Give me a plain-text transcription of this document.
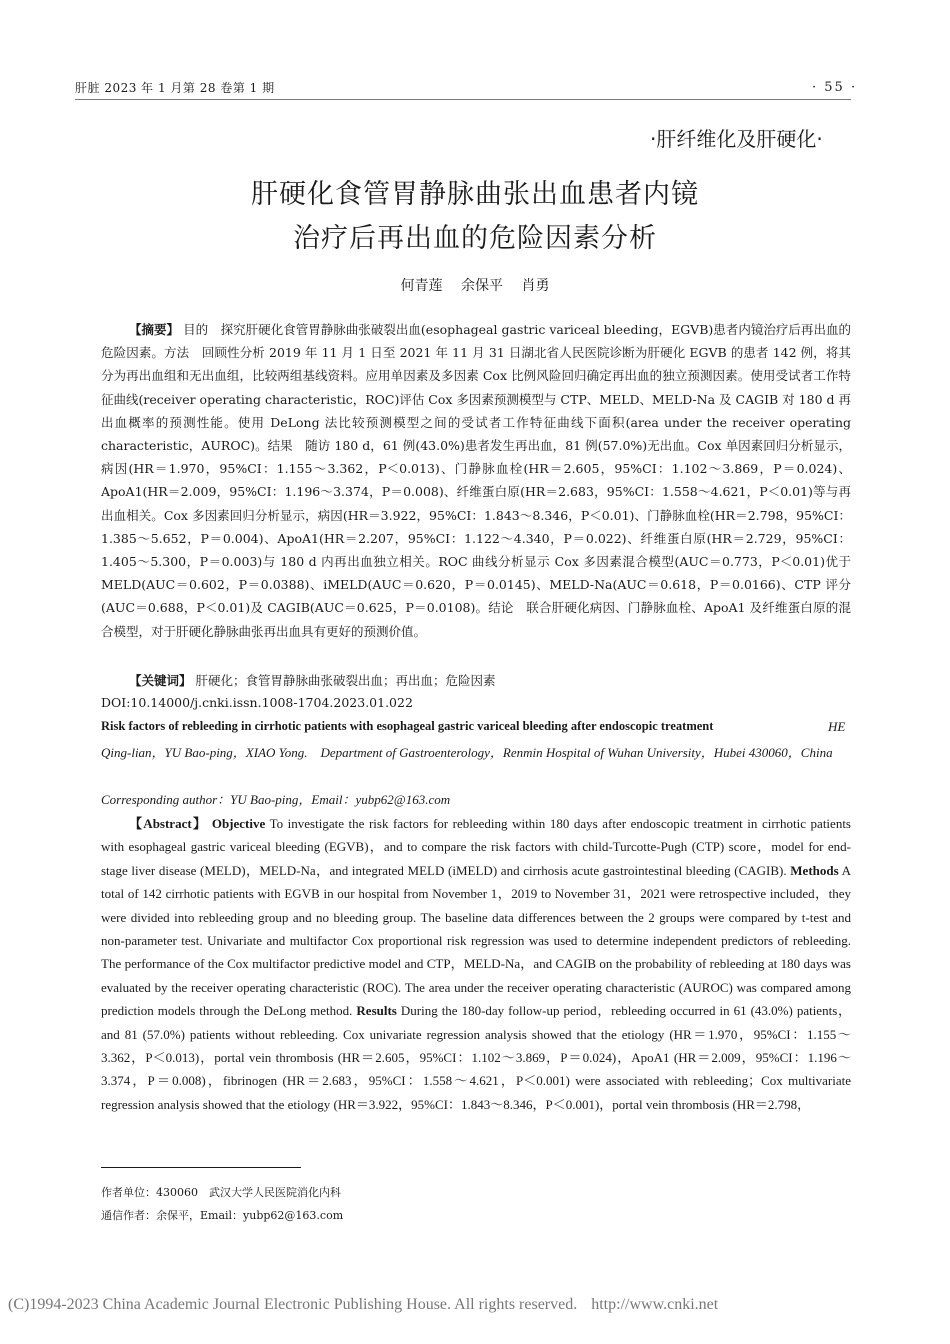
肝脏 2023 年 1 月第 28 卷第 1 期	· 55 ·
·肝纤维化及肝硬化·
肝硬化食管胃静脉曲张出血患者内镜
治疗后再出血的危险因素分析
何青莲 余保平 肖勇

【摘要】 目的　探究肝硬化食管胃静脉曲张破裂出血(esophageal gastric variceal bleeding，EGVB)患者内镜治疗后再出血的危险因素。方法　回顾性分析 2019 年 11 月 1 日至 2021 年 11 月 31 日湖北省人民医院诊断为肝硬化 EGVB 的患者 142 例，将其分为再出血组和无出血组，比较两组基线资料。应用单因素及多因素 Cox 比例风险回归确定再出血的独立预测因素。使用受试者工作特征曲线(receiver operating characteristic，ROC)评估 Cox 多因素预测模型与 CTP、MELD、MELD-Na 及 CAGIB 对 180 d 再出血概率的预测性能。使用 DeLong 法比较预测模型之间的受试者工作特征曲线下面积(area under the receiver operating characteristic，AUROC)。结果　随访 180 d，61 例(43.0%)患者发生再出血，81 例(57.0%)无出血。Cox 单因素回归分析显示，病因(HR＝1.970，95%CI：1.155～3.362，P＜0.013)、门静脉血栓(HR＝2.605，95%CI：1.102～3.869，P＝0.024)、ApoA1(HR＝2.009，95%CI：1.196～3.374，P＝0.008)、纤维蛋白原(HR＝2.683，95%CI：1.558～4.621，P＜0.01)等与再出血相关。Cox 多因素回归分析显示，病因(HR＝3.922，95%CI：1.843～8.346，P＜0.01)、门静脉血栓(HR＝2.798，95%CI：1.385～5.652，P＝0.004)、ApoA1(HR＝2.207，95%CI：1.122～4.340，P＝0.022)、纤维蛋白原(HR＝2.729，95%CI：1.405～5.300，P＝0.003)与 180 d 内再出血独立相关。ROC 曲线分析显示 Cox 多因素混合模型(AUC＝0.773，P＜0.01)优于 MELD(AUC＝0.602，P＝0.0388)、iMELD(AUC＝0.620，P＝0.0145)、MELD-Na(AUC＝0.618，P＝0.0166)、CTP 评分(AUC＝0.688，P＜0.01)及 CAGIB(AUC＝0.625，P＝0.0108)。结论　联合肝硬化病因、门静脉血栓、ApoA1 及纤维蛋白原的混合模型，对于肝硬化静脉曲张再出血具有更好的预测价值。

【关键词】 肝硬化；食管胃静脉曲张破裂出血；再出血；危险因素
DOI:10.14000/j.cnki.issn.1008-1704.2023.01.022
Risk factors of rebleeding in cirrhotic patients with esophageal gastric variceal bleeding after endoscopic treatment	HE
Qing-lian，YU Bao-ping，XIAO Yong.　Department of Gastroenterology，Renmin Hospital of Wuhan University，Hubei 430060，China
Corresponding author：YU Bao-ping，Email：yubp62@163.com

【Abstract】 Objective To investigate the risk factors for rebleeding within 180 days after endoscopic treatment in cirrhotic patients with esophageal gastric variceal bleeding (EGVB)，and to compare the risk factors with child-Turcotte-Pugh (CTP) score，model for end-stage liver disease (MELD)，MELD-Na，and integrated MELD (iMELD) and cirrhosis acute gastrointestinal bleeding (CAGIB). Methods A total of 142 cirrhotic patients with EGVB in our hospital from November 1，2019 to November 31，2021 were retrospective included，they were divided into rebleeding group and no bleeding group. The baseline data differences between the 2 groups were compared by t-test and non-parameter test. Univariate and multifactor Cox proportional risk regression was used to determine independent predictors of rebleeding. The performance of the Cox multifactor predictive model and CTP，MELD-Na，and CAGIB on the probability of rebleeding at 180 days was evaluated by the receiver operating characteristic (ROC). The area under the receiver operating characteristic (AUROC) was compared among prediction models through the DeLong method. Results During the 180-day follow-up period，rebleeding occurred in 61 (43.0%) patients，and 81 (57.0%) patients without rebleeding. Cox univariate regression analysis showed that the etiology (HR＝1.970，95%CI：1.155～3.362，P＜0.013)，portal vein thrombosis (HR＝2.605，95%CI：1.102～3.869，P＝0.024)，ApoA1 (HR＝2.009，95%CI：1.196～3.374，P＝0.008)，fibrinogen (HR＝2.683，95%CI：1.558～4.621，P＜0.001) were associated with rebleeding；Cox multivariate regression analysis showed that the etiology (HR＝3.922，95%CI：1.843～8.346，P＜0.001)，portal vein thrombosis (HR＝2.798，

作者单位：430060　武汉大学人民医院消化内科
通信作者：余保平，Email：yubp62@163.com
(C)1994-2023 China Academic Journal Electronic Publishing House. All rights reserved. http://www.cnki.net
